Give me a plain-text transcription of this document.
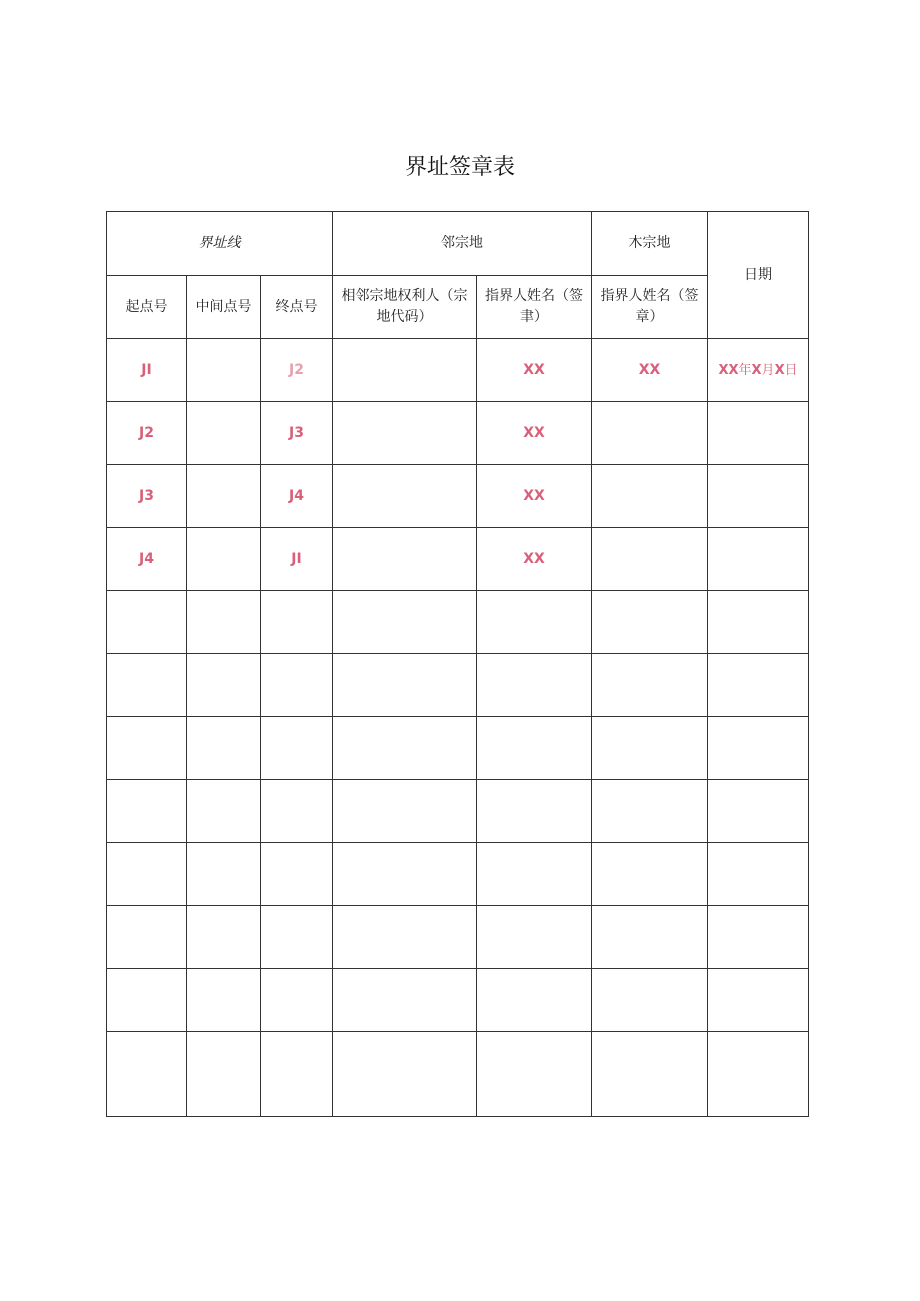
界址签章表
界址线			邻宗地		木宗地	日期
起点号	中间点号	终点号	相邻宗地权利人（宗地代码）	指界人姓名（签聿）	指界人姓名（签章）	
JI		J2		XX	XX	XX年X月X日
J2		J3		XX		
J3		J4		XX		
J4		JI		XX		
